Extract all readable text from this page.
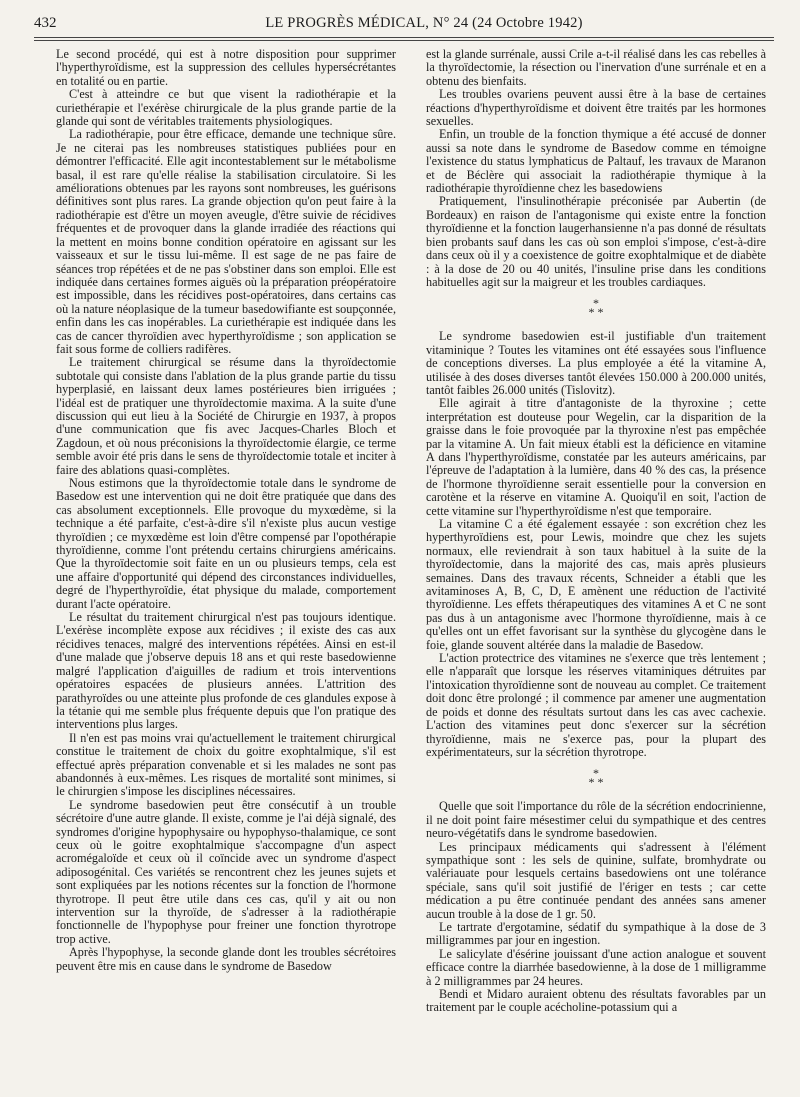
432	LE PROGRÈS MÉDICAL, N° 24 (24 Octobre 1942)

Le second procédé, qui est à notre disposition pour supprimer l'hyperthyroïdisme, est la suppression des cellules hypersécrétantes en totalité ou en partie.

C'est à atteindre ce but que visent la radiothérapie et la curiethérapie et l'exérèse chirurgicale de la plus grande partie de la glande qui sont de véritables traitements physiologiques.

La radiothérapie, pour être efficace, demande une technique sûre. Je ne citerai pas les nombreuses statistiques publiées pour en démontrer l'efficacité. Elle agit incontestablement sur le métabolisme basal, il est rare qu'elle réalise la stabilisation circulatoire. Si les améliorations obtenues par les rayons sont nombreuses, les guérisons définitives sont plus rares. La grande objection qu'on peut faire à la radiothérapie est d'être un moyen aveugle, d'être suivie de récidives fréquentes et de provoquer dans la glande irradiée des réactions qui la mettent en moins bonne condition opératoire en agissant sur les vaisseaux et sur le tissu lui-même. Il est sage de ne pas faire de séances trop répétées et de ne pas s'obstiner dans son emploi. Elle est indiquée dans certaines formes aiguës où la préparation préopératoire est impossible, dans les récidives post-opératoires, dans certains cas où la nature néoplasique de la tumeur basedowifiante est soupçonnée, enfin dans les cas inopérables. La curiethérapie est indiquée dans les cas de cancer thyroïdien avec hyperthyroïdisme ; son application se fait sous forme de colliers radifères.

Le traitement chirurgical se résume dans la thyroïdectomie subtotale qui consiste dans l'ablation de la plus grande partie du tissu hyperplasié, en laissant deux lames postérieures bien irriguées ; l'idéal est de pratiquer une thyroïdectomie maxima. A la suite d'une discussion qui eut lieu à la Société de Chirurgie en 1937, à propos d'une communication que fis avec Jacques-Charles Bloch et Zagdoun, et où nous préconisions la thyroïdectomie élargie, ce terme semble avoir été pris dans le sens de thyroïdectomie totale et inciter à faire des ablations quasi-complètes.

Nous estimons que la thyroïdectomie totale dans le syndrome de Basedow est une intervention qui ne doit être pratiquée que dans des cas absolument exceptionnels. Elle provoque du myxœdème, si la technique a été parfaite, c'est-à-dire s'il n'existe plus aucun vestige thyroïdien ; ce myxœdème est loin d'être compensé par l'opothérapie thyroïdienne, comme l'ont prétendu certains chirurgiens américains. Que la thyroïdectomie soit faite en un ou plusieurs temps, cela est une affaire d'opportunité qui dépend des circonstances individuelles, degré de l'hyperthyroïdie, état physique du malade, comportement durant l'acte opératoire.

Le résultat du traitement chirurgical n'est pas toujours identique. L'exérèse incomplète expose aux récidives ; il existe des cas aux récidives tenaces, malgré des interventions répétées. Ainsi en est-il d'une malade que j'observe depuis 18 ans et qui reste basedowienne malgré l'application d'aiguilles de radium et trois interventions opératoires espacées de plusieurs années. L'attrition des parathyroïdes ou une atteinte plus profonde de ces glandules expose à la tétanie qui me semble plus fréquente depuis que l'on pratique des interventions plus larges.

Il n'en est pas moins vrai qu'actuellement le traitement chirurgical constitue le traitement de choix du goitre exophtalmique, s'il est effectué après préparation convenable et si les malades ne sont pas abandonnés à eux-mêmes. Les risques de mortalité sont minimes, si le chirurgien s'impose les disciplines nécessaires.

Le syndrome basedowien peut être consécutif à un trouble sécrétoire d'une autre glande. Il existe, comme je l'ai déjà signalé, des syndromes d'origine hypophysaire ou hypophyso-thalamique, ce sont ceux où le goitre exophtalmique s'accompagne d'un aspect acromégaloïde et ceux où il coïncide avec un syndrome d'aspect adiposogénital. Ces variétés se rencontrent chez les jeunes sujets et sont expliquées par les notions récentes sur la fonction de l'hormone thyrotrope. Il peut être utile dans ces cas, qu'il y ait ou non intervention sur la thyroïde, de s'adresser à la radiothérapie fonctionnelle de l'hypophyse pour freiner une fonction thyrotrope trop active.

Après l'hypophyse, la seconde glande dont les troubles sécrétoires peuvent être mis en cause dans le syndrome de Basedow

est la glande surrénale, aussi Crile a-t-il réalisé dans les cas rebelles à la thyroïdectomie, la résection ou l'inervation d'une surrénale et en a obtenu des bienfaits.

Les troubles ovariens peuvent aussi être à la base de certaines réactions d'hyperthyroïdisme et doivent être traités par les hormones sexuelles.

Enfin, un trouble de la fonction thymique a été accusé de donner aussi sa note dans le syndrome de Basedow comme en témoigne l'existence du status lymphaticus de Paltauf, les travaux de Maranon et de Béclère qui associait la radiothérapie thymique à la radiothérapie thyroïdienne chez les basedowiens

Pratiquement, l'insulinothérapie préconisée par Aubertin (de Bordeaux) en raison de l'antagonisme qui existe entre la fonction thyroïdienne et la fonction laugerhansienne n'a pas donné de résultats bien probants sauf dans les cas où son emploi s'impose, c'est-à-dire dans ceux où il y a coexistence de goitre exophtalmique et de diabète : à la dose de 20 ou 40 unités, l'insuline prise dans les conditions habituelles agit sur la maigreur et les troubles cardiaques.

*
* *

Le syndrome basedowien est-il justifiable d'un traitement vitaminique ? Toutes les vitamines ont été essayées sous l'influence de conceptions diverses. La plus employée a été la vitamine A, utilisée à des doses diverses tantôt élevées 150.000 à 200.000 unités, tantôt faibles 26.000 unités (Tislovitz).

Elle agirait à titre d'antagoniste de la thyroxine ; cette interprétation est douteuse pour Wegelin, car la disparition de la graisse dans le foie provoquée par la thyroxine n'est pas empêchée par la vitamine A. Un fait mieux établi est la déficience en vitamine A dans l'hyperthyroïdisme, constatée par les auteurs américains, par l'épreuve de l'adaptation à la lumière, dans 40 % des cas, la présence de l'hormone thyroïdienne serait essentielle pour la conversion en carotène et la réserve en vitamine A. Quoiqu'il en soit, l'action de cette vitamine sur l'hyperthyroïdisme n'est que temporaire.

La vitamine C a été également essayée : son excrétion chez les hyperthyroïdiens est, pour Lewis, moindre que chez les sujets normaux, elle reviendrait à son taux habituel à la suite de la thyroïdectomie, dans la majorité des cas, mais après plusieurs semaines. Dans des travaux récents, Schneider a établi que les avitaminoses A, B, C, D, E amènent une réduction de l'activité thyroïdienne. Les effets thérapeutiques des vitamines A et C ne sont pas dus à un antagonisme avec l'hormone thyroïdienne, mais à ce qu'elles ont un effet favorisant sur la synthèse du glycogène dans le foie, glande souvent altérée dans la maladie de Basedow.

L'action protectrice des vitamines ne s'exerce que très lentement ; elle n'apparaît que lorsque les réserves vitaminiques détruites par l'intoxication thyroïdienne sont de nouveau au complet. Ce traitement doit donc être prolongé ; il commence par amener une augmentation de poids et donne des résultats surtout dans les cas avec cachexie. L'action des vitamines peut donc s'exercer sur la sécrétion thyroïdienne, mais ne s'exerce pas, pour la plupart des expérimentateurs, sur la sécrétion thyrotrope.

*
* *

Quelle que soit l'importance du rôle de la sécrétion endocrinienne, il ne doit point faire mésestimer celui du sympathique et des centres neuro-végétatifs dans le syndrome basedowien.

Les principaux médicaments qui s'adressent à l'élément sympathique sont : les sels de quinine, sulfate, bromhydrate ou valériauate pour lesquels certains basedowiens ont une tolérance spéciale, sans qu'il soit justifié de l'ériger en tests ; car cette médication a pu être continuée pendant des années sans amener aucun trouble à la dose de 1 gr. 50.

Le tartrate d'ergotamine, sédatif du sympathique à la dose de 3 milligrammes par jour en ingestion.

Le salicylate d'ésérine jouissant d'une action analogue et souvent efficace contre la diarrhée basedowienne, à la dose de 1 milligramme à 2 milligrammes par 24 heures.

Bendi et Midaro auraient obtenu des résultats favorables par un traitement par le couple acécholine-potassium qui a
